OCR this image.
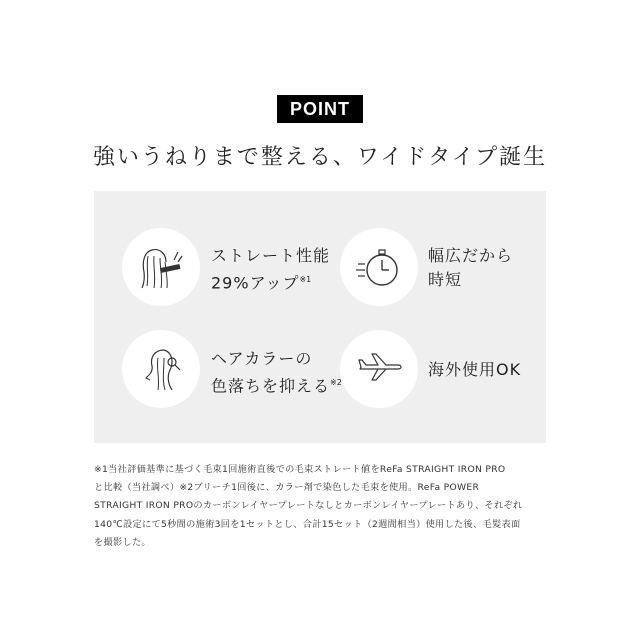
POINT
強いうねりまで整える、ワイドタイプ誕生
ストレート性能
29%アップ$^{※1}$
幅広だから
時短
ヘアカラーの
色落ちを抑える$^{※2}$
海外使用OK

※1当社評価基準に基づく毛束1回施術直後での毛束ストレート値をReFa STRAIGHT IRON PRO

と比較（当社調べ）※2ブリーチ1回後に、カラー剤で染色した毛束を使用。ReFa POWER

STRAIGHT IRON PROのカーボンレイヤープレートなしとカーボンレイヤープレートあり、それぞれ

140℃設定にて5秒間の施術3回を1セットとし、合計15セット（2週間相当）使用した後、毛髪表面

を撮影した。
